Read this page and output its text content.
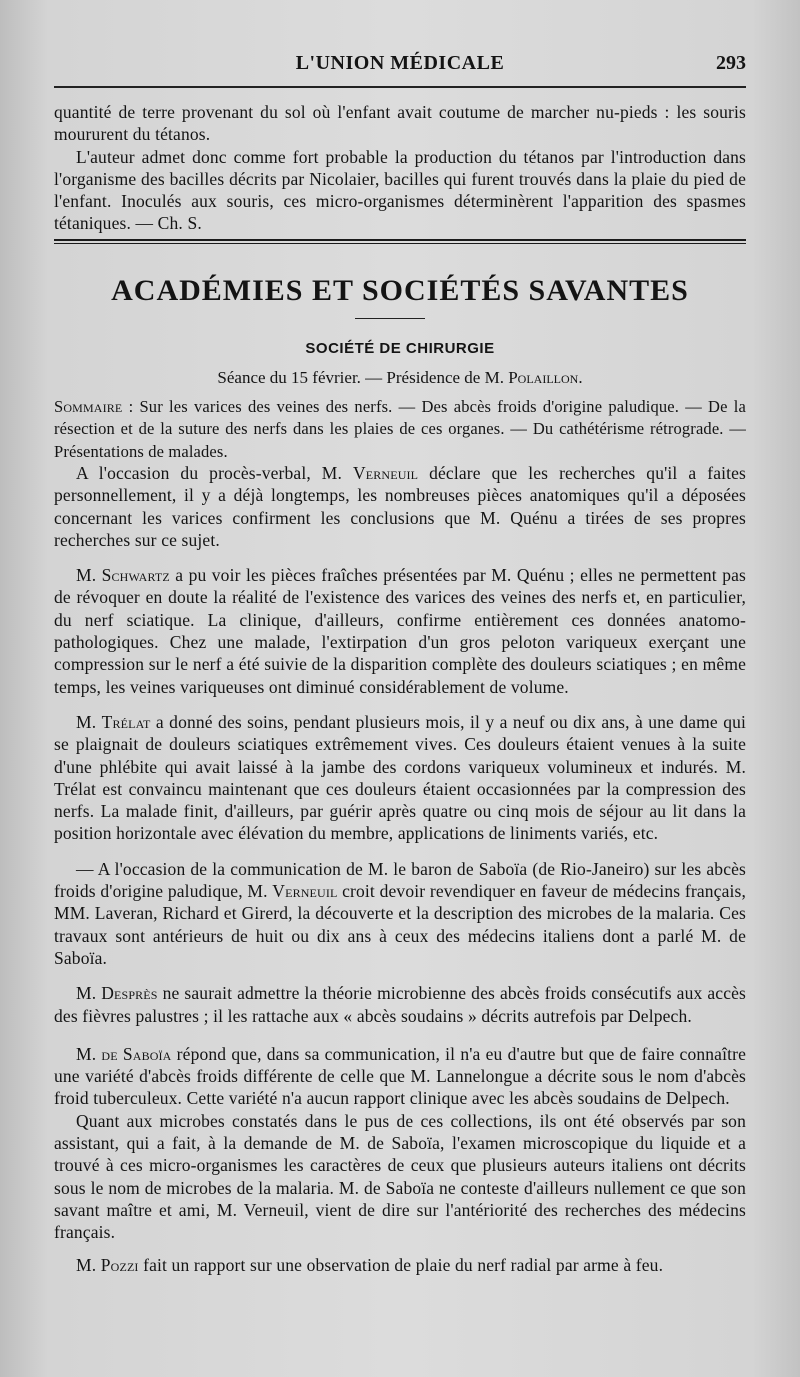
L'UNION MÉDICALE	293

quantité de terre provenant du sol où l'enfant avait coutume de marcher nu-pieds : les souris moururent du tétanos.

L'auteur admet donc comme fort probable la production du tétanos par l'introduction dans l'organisme des bacilles décrits par Nicolaier, bacilles qui furent trouvés dans la plaie du pied de l'enfant. Inoculés aux souris, ces micro-organismes déterminèrent l'apparition des spasmes tétaniques. — Ch. S.

ACADÉMIES ET SOCIÉTÉS SAVANTES
SOCIÉTÉ DE CHIRURGIE
Séance du 15 février. — Présidence de M. Polaillon.

Sommaire : Sur les varices des veines des nerfs. — Des abcès froids d'origine paludique. — De la résection et de la suture des nerfs dans les plaies de ces organes. — Du cathétérisme rétrograde. — Présentations de malades.

A l'occasion du procès-verbal, M. Verneuil déclare que les recherches qu'il a faites personnellement, il y a déjà longtemps, les nombreuses pièces anatomiques qu'il a déposées concernant les varices confirment les conclusions que M. Quénu a tirées de ses propres recherches sur ce sujet.

M. Schwartz a pu voir les pièces fraîches présentées par M. Quénu ; elles ne permettent pas de révoquer en doute la réalité de l'existence des varices des veines des nerfs et, en particulier, du nerf sciatique. La clinique, d'ailleurs, confirme entièrement ces données anatomo-pathologiques. Chez une malade, l'extirpation d'un gros peloton variqueux exerçant une compression sur le nerf a été suivie de la disparition complète des douleurs sciatiques ; en même temps, les veines variqueuses ont diminué considérablement de volume.

M. Trélat a donné des soins, pendant plusieurs mois, il y a neuf ou dix ans, à une dame qui se plaignait de douleurs sciatiques extrêmement vives. Ces douleurs étaient venues à la suite d'une phlébite qui avait laissé à la jambe des cordons variqueux volumineux et indurés. M. Trélat est convaincu maintenant que ces douleurs étaient occasionnées par la compression des nerfs. La malade finit, d'ailleurs, par guérir après quatre ou cinq mois de séjour au lit dans la position horizontale avec élévation du membre, applications de liniments variés, etc.

— A l'occasion de la communication de M. le baron de Saboïa (de Rio-Janeiro) sur les abcès froids d'origine paludique, M. Verneuil croit devoir revendiquer en faveur de médecins français, MM. Laveran, Richard et Girerd, la découverte et la description des microbes de la malaria. Ces travaux sont antérieurs de huit ou dix ans à ceux des médecins italiens dont a parlé M. de Saboïa.

M. Desprès ne saurait admettre la théorie microbienne des abcès froids consécutifs aux accès des fièvres palustres ; il les rattache aux « abcès soudains » décrits autrefois par Delpech.

M. de Saboïa répond que, dans sa communication, il n'a eu d'autre but que de faire connaître une variété d'abcès froids différente de celle que M. Lannelongue a décrite sous le nom d'abcès froid tuberculeux. Cette variété n'a aucun rapport clinique avec les abcès soudains de Delpech.

Quant aux microbes constatés dans le pus de ces collections, ils ont été observés par son assistant, qui a fait, à la demande de M. de Saboïa, l'examen microscopique du liquide et a trouvé à ces micro-organismes les caractères de ceux que plusieurs auteurs italiens ont décrits sous le nom de microbes de la malaria. M. de Saboïa ne conteste d'ailleurs nullement ce que son savant maître et ami, M. Verneuil, vient de dire sur l'antériorité des recherches des médecins français.

M. Pozzi fait un rapport sur une observation de plaie du nerf radial par arme à feu.
